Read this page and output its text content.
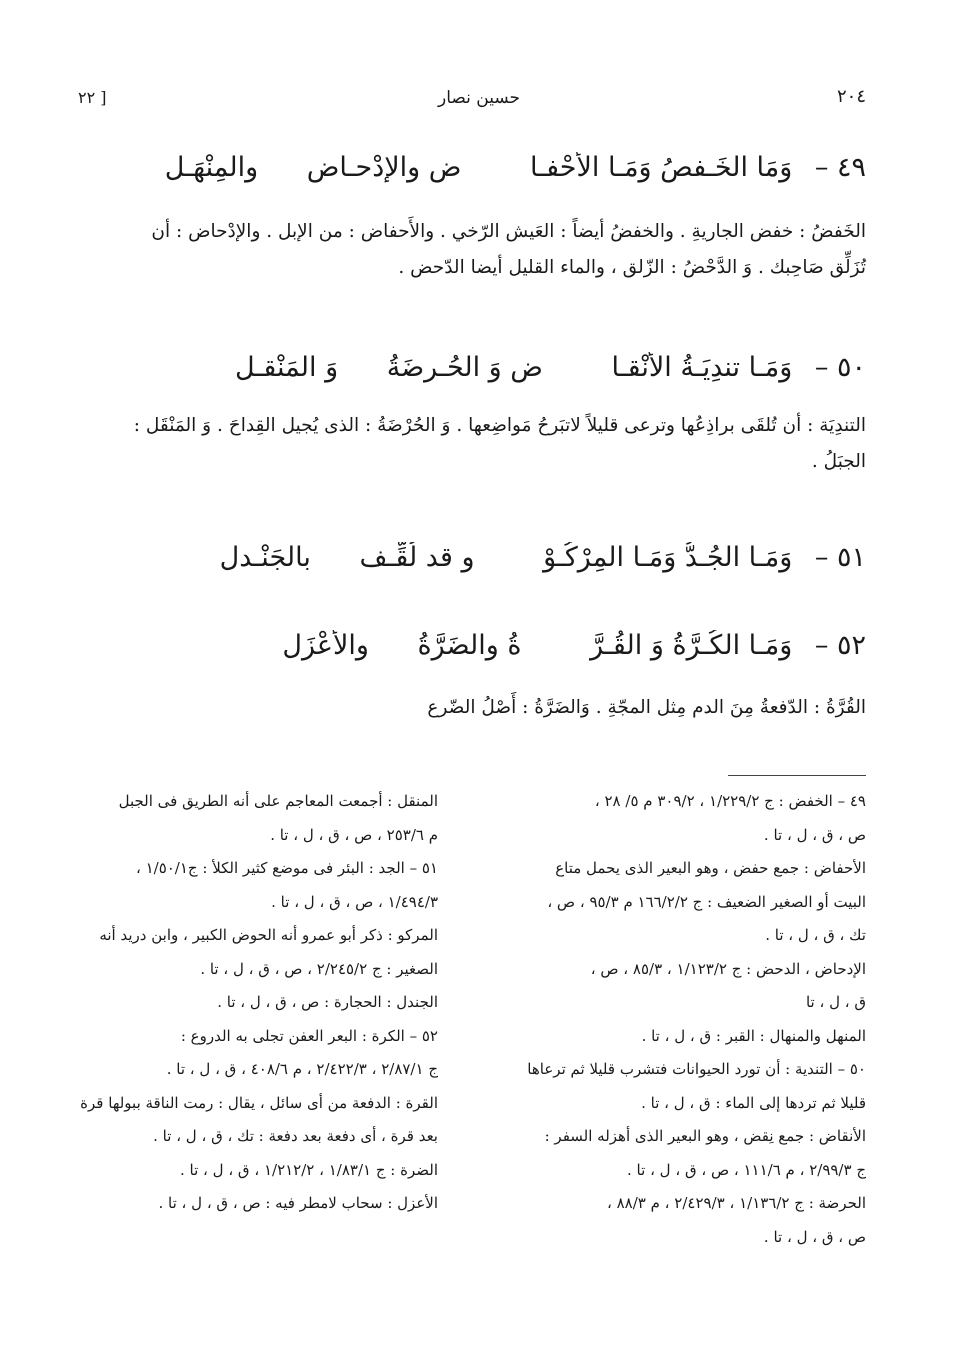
٢٠٤
حسين نصار
[ ٢٢
٤٩ – وَمَا الخَـفصُ وَمَـا الأَحْفـا ض والإدْحـاض والمِنْهَـل
الخَفضُ : خفض الجاريةِ . والخفضُ أيضاً : العَيش الرّخي . والأَحفاض : من الإبل . والإدْحاض : أن
تُزَلِّق صَاحِبك . وَ الدَّحْضُ : الزّلق ، والماء القليل أيضا الدّحض .
٥٠ – وَمَـا تندِيَـةُ الأَنْقـا ضِ وَ الحُـرضَةُ وَ المَنْقـل
التندِيَة : أن تُلقَى براذِعُها وترعى قليلاً لاتبَرحُ مَواضِعها . وَ الحُرْضَةُ : الذى يُجيل القِداحَ . وَ المَنْقَل :
الجبَلُ .
٥١ – وَمَـا الجُـدُّ وَمَـا المِرْكُـوْ وِ قد لُقِّـف بالجَنْـدل
٥٢ – وَمَـا الكُـرَّةُ وَ القُـرَّ ةُ والضَرَّةُ والأَعْزَل
القُرَّةُ : الدّفعةُ مِنَ الدم مِثل المجّةِ . وَالضَرَّةُ : أَصْلُ الضّرع
٤٩ – الخفض : ج ١/٢٢٩/٢ ، ٣٠٩/٢ م ٥/ ٢٨ ،
ص ، ق ، ل ، تا .
الأحفاض : جمع حفض ، وهو البعير الذى يحمل متاع
البيت أو الصغير الضعيف : ج ١٦٦/٢/٢ م ٩٥/٣ ، ص ،
تك ، ق ، ل ، تا .
الإدحاض ، الدحض : ج ١/١٢٣/٢ ، ٨٥/٣ ، ص ،
ق ، ل ، تا
المنهل والمنهال : القبر : ق ، ل ، تا .
٥٠ – التندية : أن تورد الحيوانات فتشرب قليلا ثم ترعاها
قليلا ثم تردها إلى الماء : ق ، ل ، تا .
الأنقاض : جمع نِقض ، وهو البعير الذى أهزله السفر :
ج ٢/٩٩/٣ ، م ١١١/٦ ، ص ، ق ، ل ، تا .
الحرضة : ج ١/١٣٦/٢ ، ٢/٤٢٩/٣ ، م ٨٨/٣ ،
ص ، ق ، ل ، تا .
المنقل : أجمعت المعاجم على أنه الطريق فى الجبل
م ٢٥٣/٦ ، ص ، ق ، ل ، تا .
٥١ – الجد : البئر فى موضع كثير الكلأ : ج١/٥٠/١ ،
١/٤٩٤/٣ ، ص ، ق ، ل ، تا .
المركو : ذكر أبو عمرو أنه الحوض الكبير ، وابن دريد أنه
الصغير : ج ٢/٢٤٥/٢ ، ص ، ق ، ل ، تا .
الجندل : الحجارة : ص ، ق ، ل ، تا .
٥٢ – الكرة : البعر العفن تجلى به الدروع :
ج ٢/٨٧/١ ، ٢/٤٢٢/٣ ، م ٤٠٨/٦ ، ق ، ل ، تا .
القرة : الدفعة من أى سائل ، يقال : رمت الناقة ببولها قرة
بعد قرة ، أى دفعة بعد دفعة : تك ، ق ، ل ، تا .
الضرة : ج ١/٨٣/١ ، ١/٢١٢/٢ ، ق ، ل ، تا .
الأعزل : سحاب لامطر فيه : ص ، ق ، ل ، تا .
